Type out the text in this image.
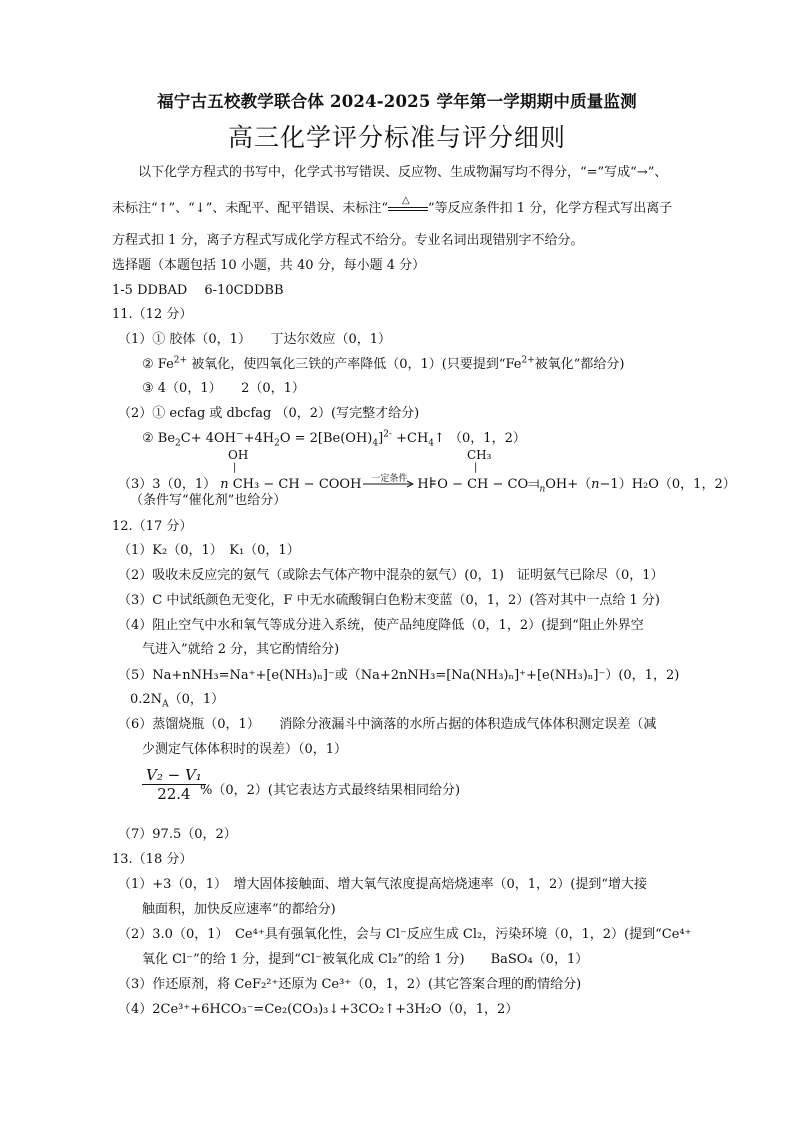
福宁古五校教学联合体 2024-2025 学年第一学期期中质量监测
高三化学评分标准与评分细则
以下化学方程式的书写中，化学式书写错误、反应物、生成物漏写均不得分，“=”写成“→”、
未标注“↑”、“↓”、未配平、配平错误、未标注“
△
”等反应条件扣 1 分，化学方程式写出离子
方程式扣 1 分，离子方程式写成化学方程式不给分。专业名词出现错别字不给分。
选择题（本题包括 10 小题，共 40 分，每小题 4 分）
1-5 DDBAD　 6-10CDDBB
11.（12 分）
（1）① 胶体（0，1）　　丁达尔效应（0，1）
② $Fe^{2+}$ 被氧化，使四氧化三铁的产率降低（0，1）(只要提到“$Fe^{2+}$被氧化”都给分)
③ 4（0，1）　　2（0，1）
（2）① ecfag 或 dbcfag （0，2）(写完整才给分)
② $Be_2C+ 4OH^-+4H_2O = 2[Be(OH)_4]^{2-}$ $+CH_4↑$ （0，1，2）
OH	CH₃
|	|
（3）3（0，1） n CH₃ − CH − COOH	一定条件 H⊧O − CH − $CO⫤_nOH+(n-1)H_2O(0$，1，2）
（条件写“催化剂”也给分）
12.（17 分）
（1）K₂（0，1）　K₁（0，1）
（2）吸收未反应完的氨气（或除去气体产物中混杂的氨气）(0，1)　证明氨气已除尽（0，1）
（3）C 中试纸颜色无变化，F 中无水硫酸铜白色粉末变蓝（0，1，2）(答对其中一点给 1 分)
（4）阻止空气中水和氧气等成分进入系统，使产品纯度降低（0，1，2）(提到“阻止外界空
气进入”就给 2 分，其它酌情给分)
（5）Na+nNH₃=Na⁺+[e(NH₃)ₙ]⁻或（Na+2nNH₃=[Na(NH₃)ₙ]⁺+[e(NH₃)ₙ]⁻）(0，1，2)
$0.2N_A(0$，1）
（6）蒸馏烧瓶（0，1）　　消除分液漏斗中滴落的水所占据的体积造成气体体积测定误差（减
少测定气体体积时的误差）（0，1）
$\frac{\text{V₂ − V₁}}{22.4}$
%（0，2）(其它表达方式最终结果相同给分)
（7）97.5（0，2）
13.（18 分）
（1）+3（0，1）　增大固体接触面、增大氧气浓度提高焙烧速率（0，1，2）(提到“增大接
触面积，加快反应速率”的都给分)
（2）3.0（0，1）　Ce⁴⁺具有强氧化性，会与 Cl⁻反应生成 Cl₂，污染环境（0，1，2）(提到“Ce⁴⁺
氧化 Cl⁻”的给 1 分，提到“Cl⁻被氧化成 Cl₂”的给 1 分)　　BaSO₄（0，1）
（3）作还原剂，将 CeF₂²⁺还原为 Ce³⁺（0，1，2）(其它答案合理的酌情给分)
（4）2Ce³⁺+6HCO₃⁻=Ce₂(CO₃)₃↓+3CO₂↑+3H₂O（0，1，2）
